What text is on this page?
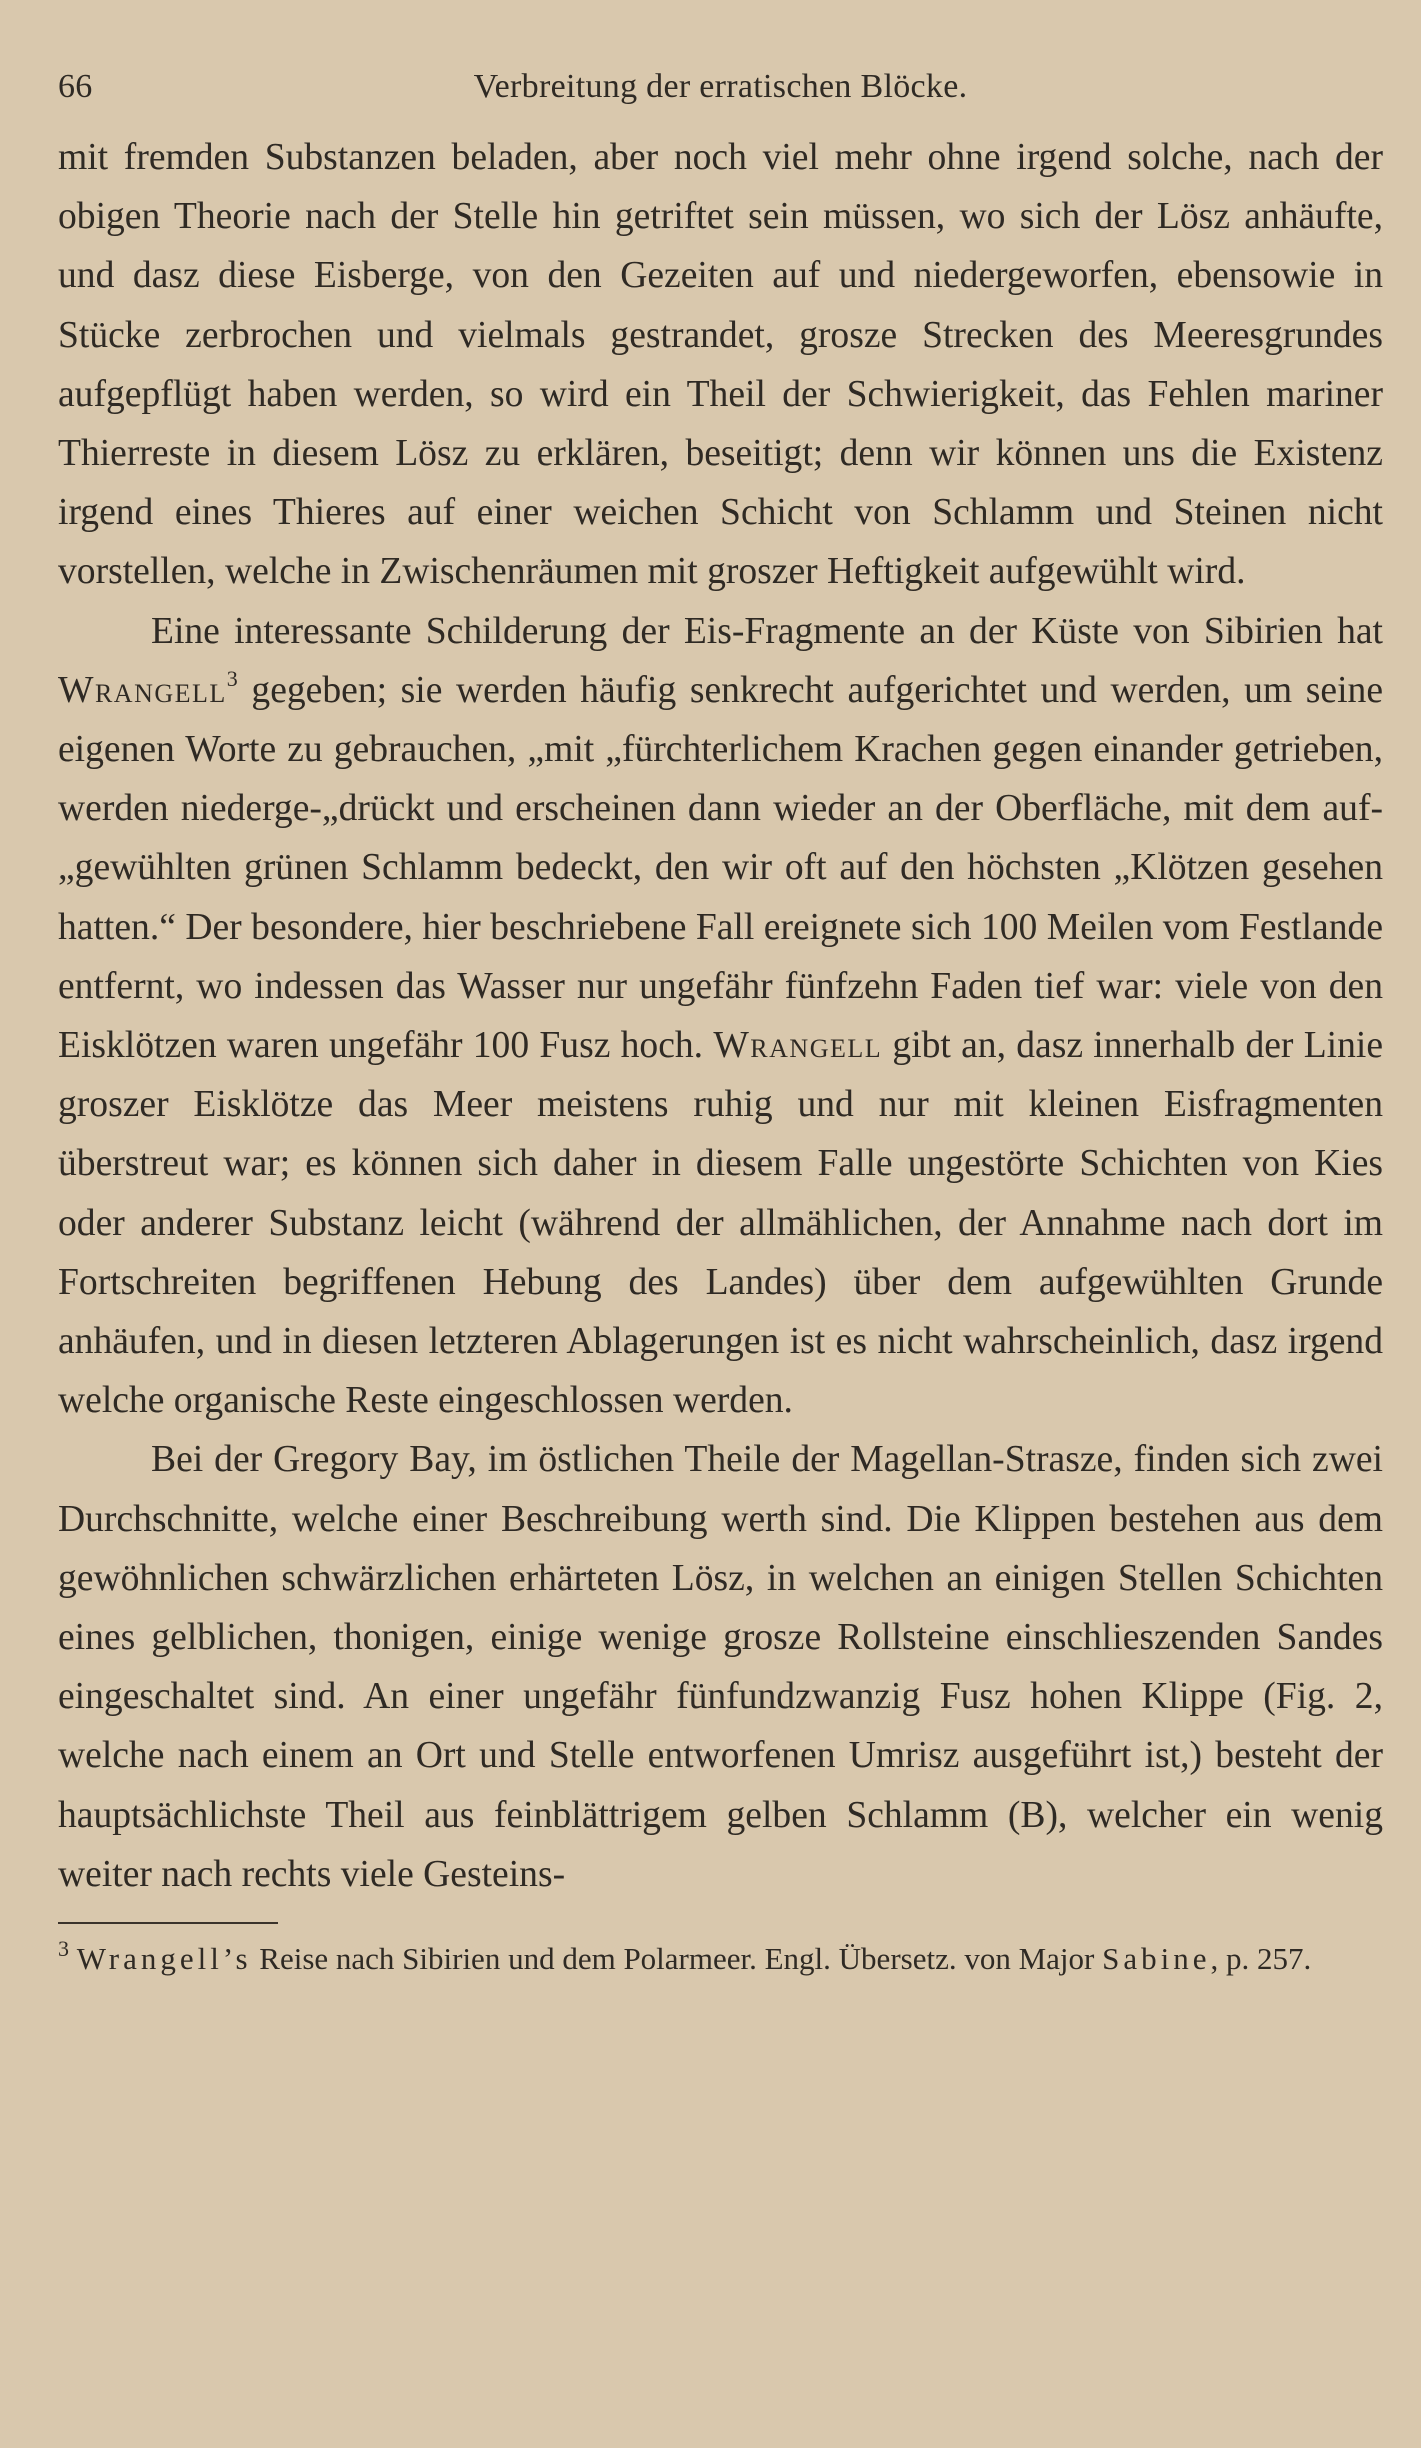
66	Verbreitung der erratischen Blöcke.

mit fremden Substanzen beladen, aber noch viel mehr ohne irgend solche, nach der obigen Theorie nach der Stelle hin getriftet sein müssen, wo sich der Lösz anhäufte, und dasz diese Eisberge, von den Gezeiten auf und niedergeworfen, ebensowie in Stücke zerbrochen und vielmals gestrandet, grosze Strecken des Meeresgrundes aufgepflügt haben werden, so wird ein Theil der Schwierigkeit, das Fehlen mariner Thierreste in diesem Lösz zu erklären, beseitigt; denn wir können uns die Existenz irgend eines Thieres auf einer weichen Schicht von Schlamm und Steinen nicht vorstellen, welche in Zwischenräumen mit groszer Heftigkeit aufgewühlt wird.

Eine interessante Schilderung der Eis-Fragmente an der Küste von Sibirien hat Wrangell$^3$ gegeben; sie werden häufig senkrecht aufgerichtet und werden, um seine eigenen Worte zu gebrauchen, „mit „fürchterlichem Krachen gegen einander getrieben, werden niederge-„drückt und erscheinen dann wieder an der Oberfläche, mit dem auf-„gewühlten grünen Schlamm bedeckt, den wir oft auf den höchsten „Klötzen gesehen hatten.“ Der besondere, hier beschriebene Fall ereignete sich 100 Meilen vom Festlande entfernt, wo indessen das Wasser nur ungefähr fünfzehn Faden tief war: viele von den Eisklötzen waren ungefähr 100 Fusz hoch. Wrangell gibt an, dasz innerhalb der Linie groszer Eisklötze das Meer meistens ruhig und nur mit kleinen Eisfragmenten überstreut war; es können sich daher in diesem Falle ungestörte Schichten von Kies oder anderer Substanz leicht (während der allmählichen, der Annahme nach dort im Fortschreiten begriffenen Hebung des Landes) über dem aufgewühlten Grunde anhäufen, und in diesen letzteren Ablagerungen ist es nicht wahrscheinlich, dasz irgend welche organische Reste eingeschlossen werden.

Bei der Gregory Bay, im östlichen Theile der Magellan-Strasze, finden sich zwei Durchschnitte, welche einer Beschreibung werth sind. Die Klippen bestehen aus dem gewöhnlichen schwärzlichen erhärteten Lösz, in welchen an einigen Stellen Schichten eines gelblichen, thonigen, einige wenige grosze Rollsteine einschlieszenden Sandes eingeschaltet sind. An einer ungefähr fünfundzwanzig Fusz hohen Klippe (Fig. 2, welche nach einem an Ort und Stelle entworfenen Umrisz ausgeführt ist,) besteht der hauptsächlichste Theil aus feinblättrigem gelben Schlamm (B), welcher ein wenig weiter nach rechts viele Gesteins-

$^3$ Wrangell’s Reise nach Sibirien und dem Polarmeer. Engl. Übersetz. von Major Sabine, p. 257.
